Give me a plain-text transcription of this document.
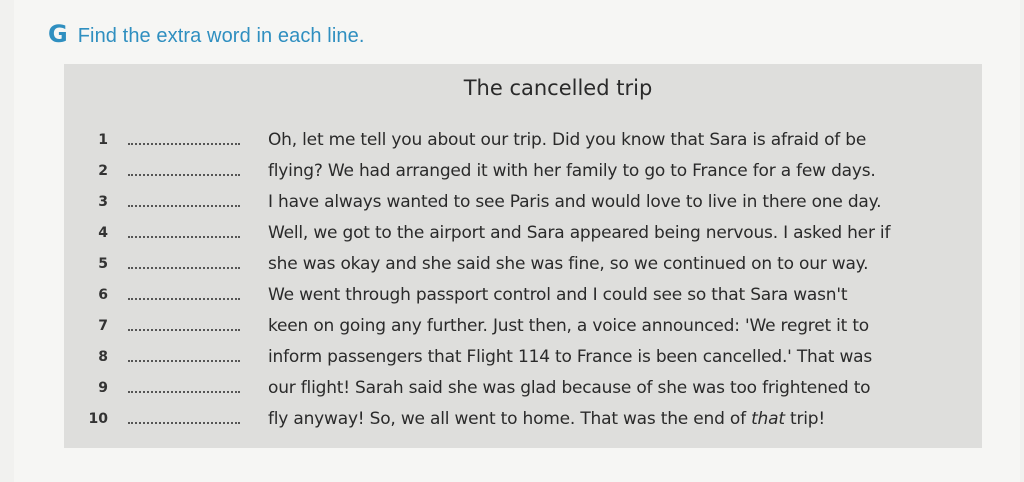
G Find the extra word in each line.
The cancelled trip
1	Oh, let me tell you about our trip. Did you know that Sara is afraid of be
2	flying? We had arranged it with her family to go to France for a few days.
3	I have always wanted to see Paris and would love to live in there one day.
4	Well, we got to the airport and Sara appeared being nervous. I asked her if
5	she was okay and she said she was fine, so we continued on to our way.
6	We went through passport control and I could see so that Sara wasn't
7	keen on going any further. Just then, a voice announced: 'We regret it to
8	inform passengers that Flight 114 to France is been cancelled.' That was
9	our flight! Sarah said she was glad because of she was too frightened to
10	fly anyway! So, we all went to home. That was the end of that trip!
